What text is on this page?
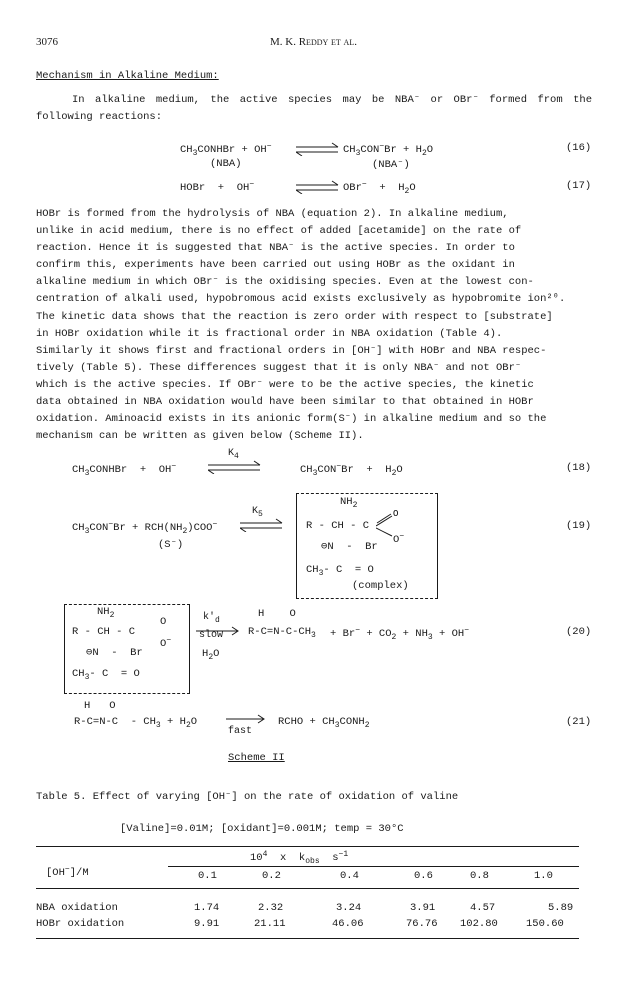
3076	M. K. Reddy et al.
Mechanism in Alkaline Medium:
In alkaline medium, the active species may be NBA⁻ or OBr⁻ formed from the following reactions:
$CH_3CONHBr + OH^-$
(NBA)
$CH_3CON^-Br + H_2O$
(NBA⁻)
(16)
HOBr  +  OH−	$OBr^- + H_2O$	(17)
HOBr is formed from the hydrolysis of NBA (equation 2). In alkaline medium,
unlike in acid medium, there is no effect of added [acetamide] on the rate of
reaction. Hence it is suggested that NBA⁻ is the active species. In order to
confirm this, experiments have been carried out using HOBr as the oxidant in
alkaline medium in which OBr⁻ is the oxidising species. Even at the lowest con-
centration of alkali used, hypobromous acid exists exclusively as hypobromite ion²⁰.
The kinetic data shows that the reaction is zero order with respect to [substrate]
in HOBr oxidation while it is fractional order in NBA oxidation (Table 4).
Similarly it shows first and fractional orders in [OH⁻] with HOBr and NBA respec-
tively (Table 5). These differences suggest that it is only NBA⁻ and not OBr⁻
which is the active species. If OBr⁻ were to be the active species, the kinetic
data obtained in NBA oxidation would have been similar to that obtained in HOBr
oxidation. Aminoacid exists in its anionic form(S⁻) in alkaline medium and so the
mechanism can be written as given below (Scheme II).
$CH_3CONHBr + OH^-$
$K_4$
$CH_3CON^-Br + H_2O$	(18)
$CH_3CON^-Br + RCH(NH_2)COO^-$
(S⁻)
$K_5$
$NH_2$
R - CH - C
O
O−
⊖N  -  Br
$CH_3-$ C  = O
(complex)
(19)
$NH_2$
R - CH - C
O
O−
⊖N  -  Br
$CH_3-$ C  = O
$k'_d$
slow
$H_2O$
H    O
$R-C=N-C-CH_3 + Br^- + CO_2 + NH_3 + OH^-$	(20)
H   O
$R-C=N-C - CH_3 + H_2O$
fast
RCHO + $CH_3CONH_2$	(21)
Scheme II
Table 5. Effect of varying [OH⁻] on the rate of oxidation of valine
[Valine]=0.01M; [oxidant]=0.001M; temp = 30°C
[OH−]/M
$10^4$  x  $k_{obs}$  $s^{-1}$
0.1	0.2	0.4	0.6	0.8	1.0
NBA oxidation	1.74	2.32	3.24	3.91	4.57	5.89
HOBr oxidation	9.91	21.11	46.06	76.76 102.80	150.60
